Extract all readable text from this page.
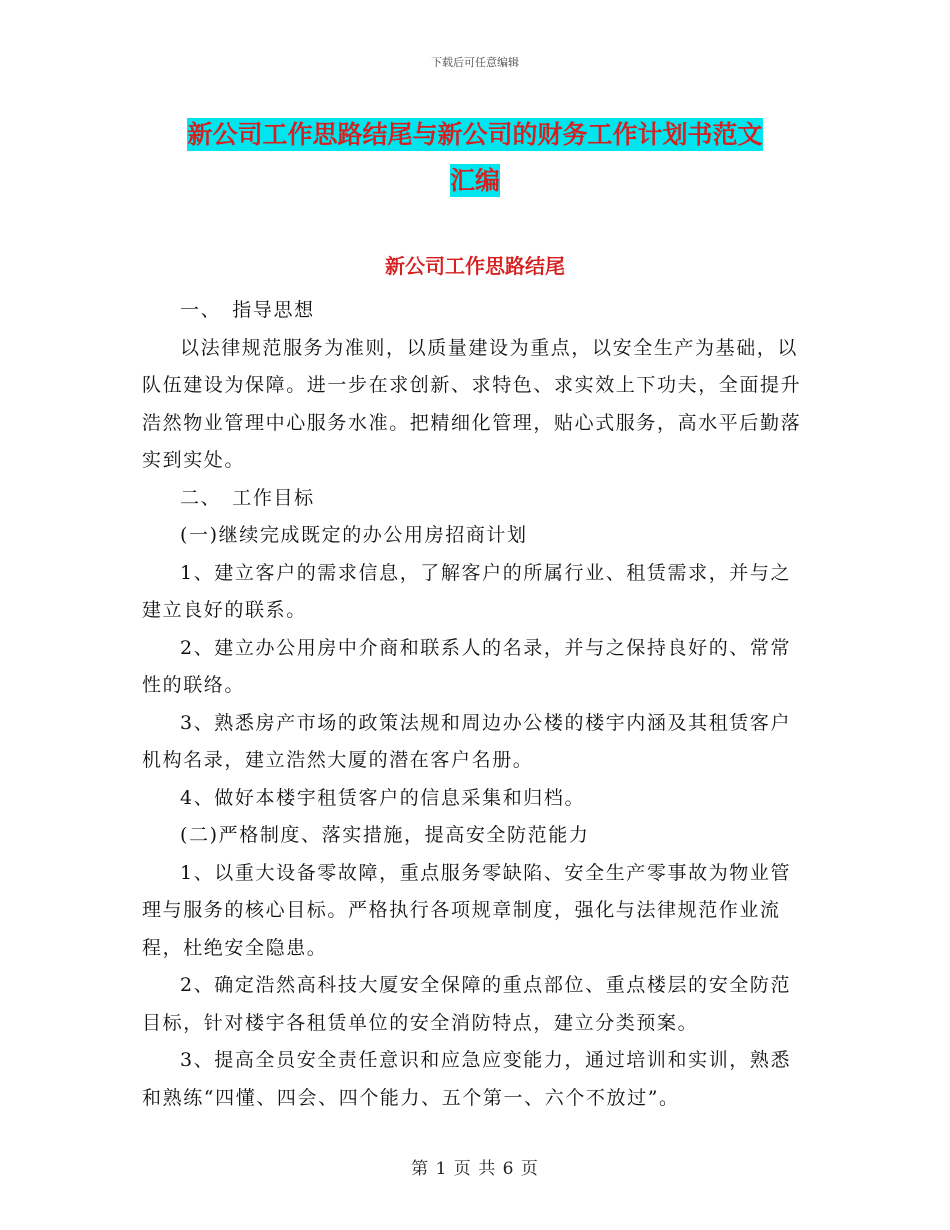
下载后可任意编辑
新公司工作思路结尾与新公司的财务工作计划书范文
汇编
新公司工作思路结尾

一、　指导思想

以法律规范服务为准则，以质量建设为重点，以安全生产为基础，以队伍建设为保障。进一步在求创新、求特色、求实效上下功夫，全面提升浩然物业管理中心服务水准。把精细化管理，贴心式服务，高水平后勤落实到实处。

二、　工作目标

(一)继续完成既定的办公用房招商计划

1、建立客户的需求信息，了解客户的所属行业、租赁需求，并与之建立良好的联系。

2、建立办公用房中介商和联系人的名录，并与之保持良好的、常常性的联络。

3、熟悉房产市场的政策法规和周边办公楼的楼宇内涵及其租赁客户机构名录，建立浩然大厦的潜在客户名册。

4、做好本楼宇租赁客户的信息采集和归档。

(二)严格制度、落实措施，提高安全防范能力

1、以重大设备零故障，重点服务零缺陷、安全生产零事故为物业管理与服务的核心目标。严格执行各项规章制度，强化与法律规范作业流程，杜绝安全隐患。

2、确定浩然高科技大厦安全保障的重点部位、重点楼层的安全防范目标，针对楼宇各租赁单位的安全消防特点，建立分类预案。

3、提高全员安全责任意识和应急应变能力，通过培训和实训，熟悉和熟练“四懂、四会、四个能力、五个第一、六个不放过”。

第 1 页 共 6 页
